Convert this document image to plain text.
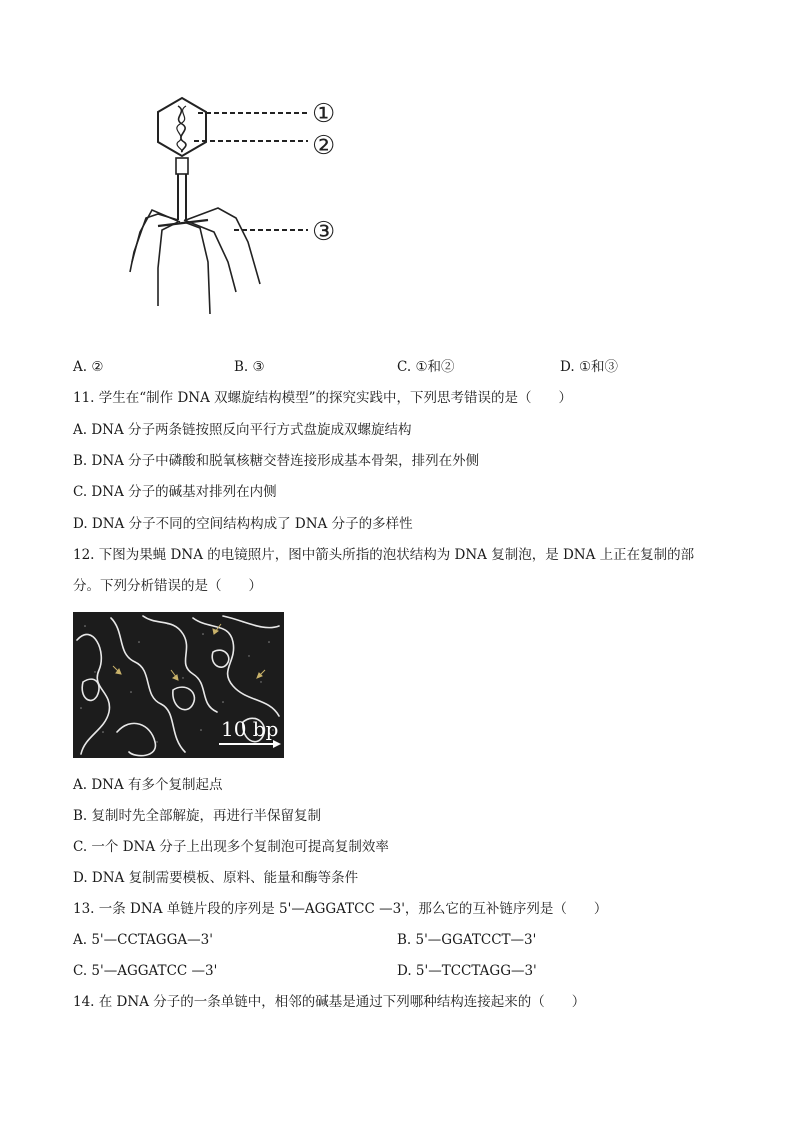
①
②
③
A. ②	B. ③	C. ①和②	D. ①和③
11. 学生在“制作 DNA 双螺旋结构模型”的探究实践中，下列思考错误的是（　　）
A. DNA 分子两条链按照反向平行方式盘旋成双螺旋结构
B. DNA 分子中磷酸和脱氧核糖交替连接形成基本骨架，排列在外侧
C. DNA 分子的碱基对排列在内侧
D. DNA 分子不同的空间结构构成了 DNA 分子的多样性
12. 下图为果蝇 DNA 的电镜照片，图中箭头所指的泡状结构为 DNA 复制泡，是 DNA 上正在复制的部
分。下列分析错误的是（　　）
10 bp
A. DNA 有多个复制起点
B. 复制时先全部解旋，再进行半保留复制
C. 一个 DNA 分子上出现多个复制泡可提高复制效率
D. DNA 复制需要模板、原料、能量和酶等条件
13. 一条 DNA 单链片段的序列是 5'—AGGATCC —3'，那么它的互补链序列是（　　）
A. 5'—CCTAGGA—3'	B. 5'—GGATCCT—3'
C. 5'—AGGATCC —3'	D. 5'—TCCTAGG—3'
14. 在 DNA 分子的一条单链中，相邻的碱基是通过下列哪种结构连接起来的（　　）
